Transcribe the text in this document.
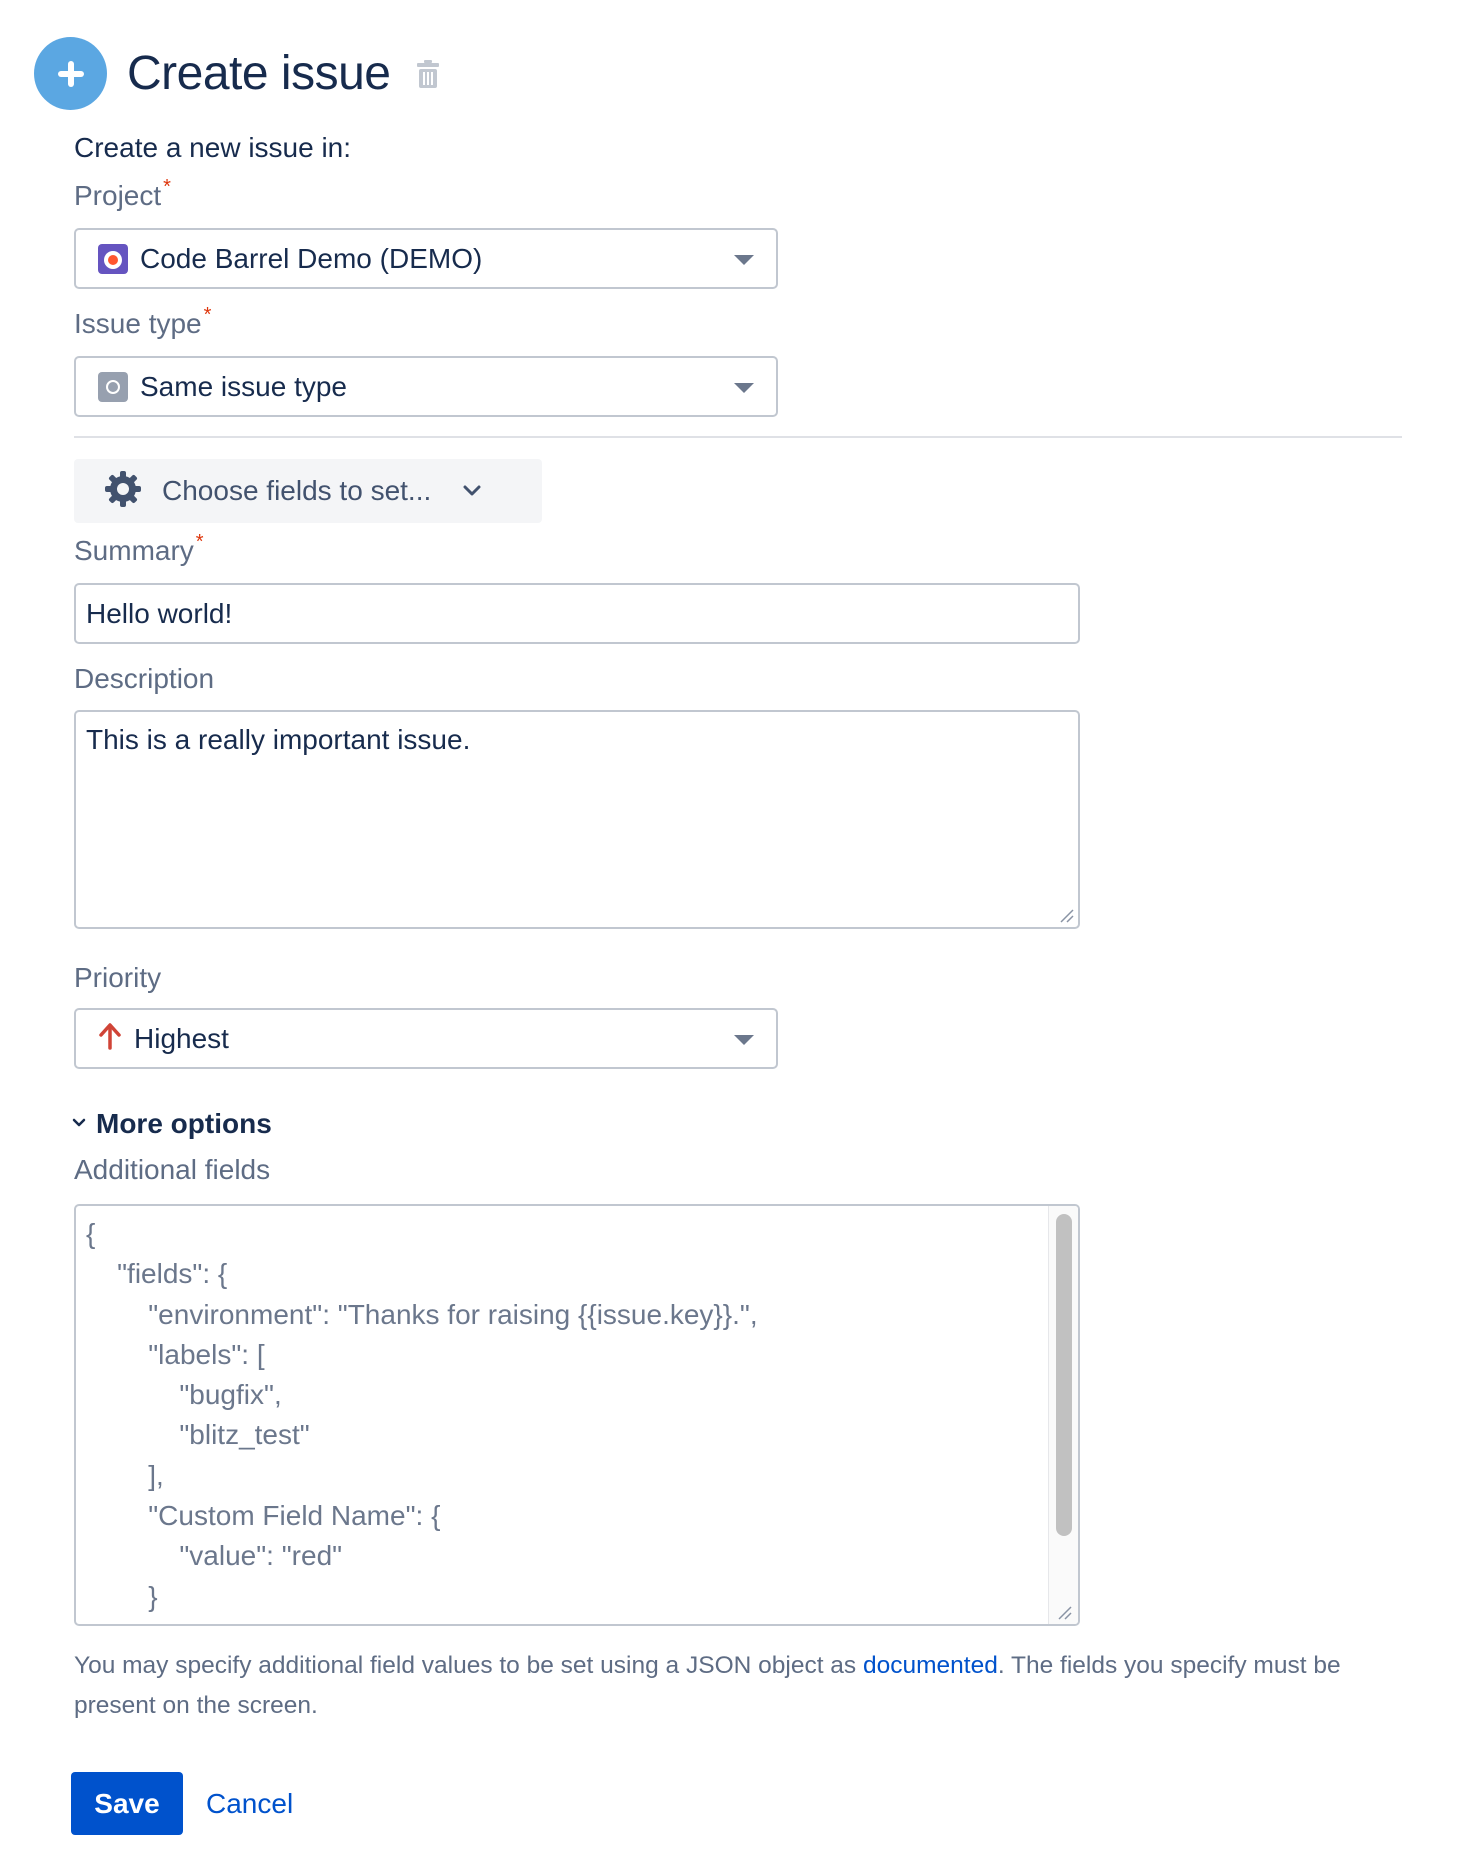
Create issue
Create a new issue in:
Project *
Code Barrel Demo (DEMO)
Issue type *
Same issue type
Choose fields to set...
Summary *
Hello world!
Description
This is a really important issue.
Priority
Highest
More options
Additional fields
{
"fields": {
"environment": "Thanks for raising {{issue.key}}.",
"labels": [
"bugfix",
"blitz_test"
],
"Custom Field Name": {
"value": "red"
}

You may specify additional field values to be set using a JSON object as documented. The fields you specify must be present on the screen.

Save	Cancel
